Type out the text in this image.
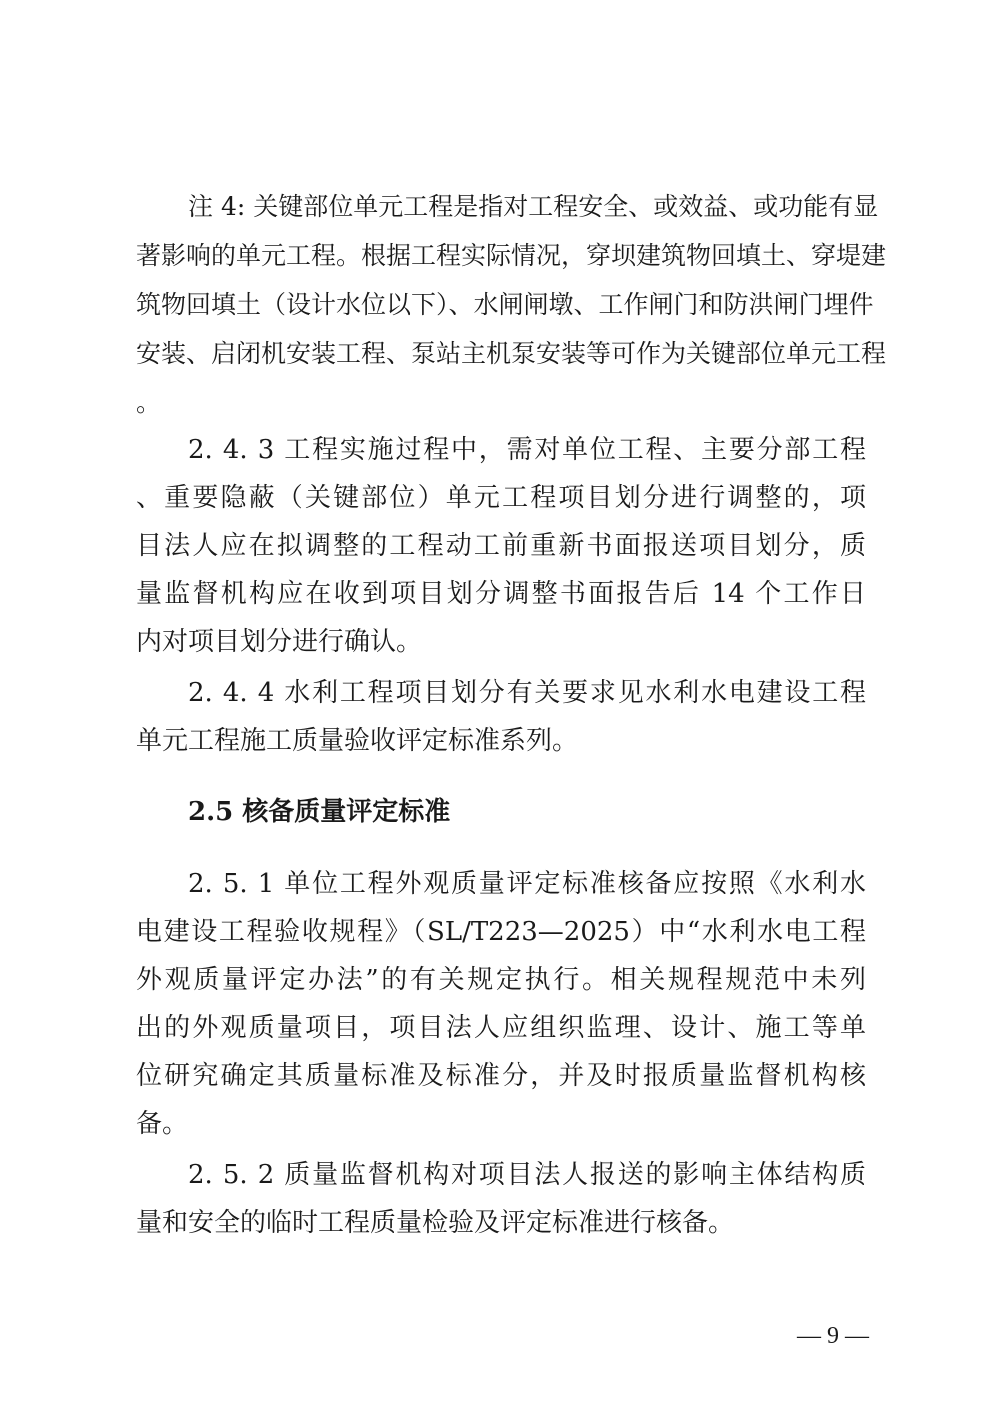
注 4: 关键部位单元工程是指对工程安全、或效益、或功能有显
著影响的单元工程。根据工程实际情况，穿坝建筑物回填土、穿堤建
筑物回填土（设计水位以下）、水闸闸墩、工作闸门和防洪闸门埋件
安装、启闭机安装工程、泵站主机泵安装等可作为关键部位单元工程
。
2. 4. 3 工程实施过程中，需对单位工程、主要分部工程
、重要隐蔽（关键部位）单元工程项目划分进行调整的，项
目法人应在拟调整的工程动工前重新书面报送项目划分，质
量监督机构应在收到项目划分调整书面报告后 14 个工作日
内对项目划分进行确认。
2. 4. 4 水利工程项目划分有关要求见水利水电建设工程
单元工程施工质量验收评定标准系列。
2.5 核备质量评定标准
2. 5. 1 单位工程外观质量评定标准核备应按照《水利水
电建设工程验收规程》（SL/T223—2025）中“水利水电工程
外观质量评定办法”的有关规定执行。相关规程规范中未列
出的外观质量项目，项目法人应组织监理、设计、施工等单
位研究确定其质量标准及标准分，并及时报质量监督机构核
备。
2. 5. 2 质量监督机构对项目法人报送的影响主体结构质
量和安全的临时工程质量检验及评定标准进行核备。
— 9 —
